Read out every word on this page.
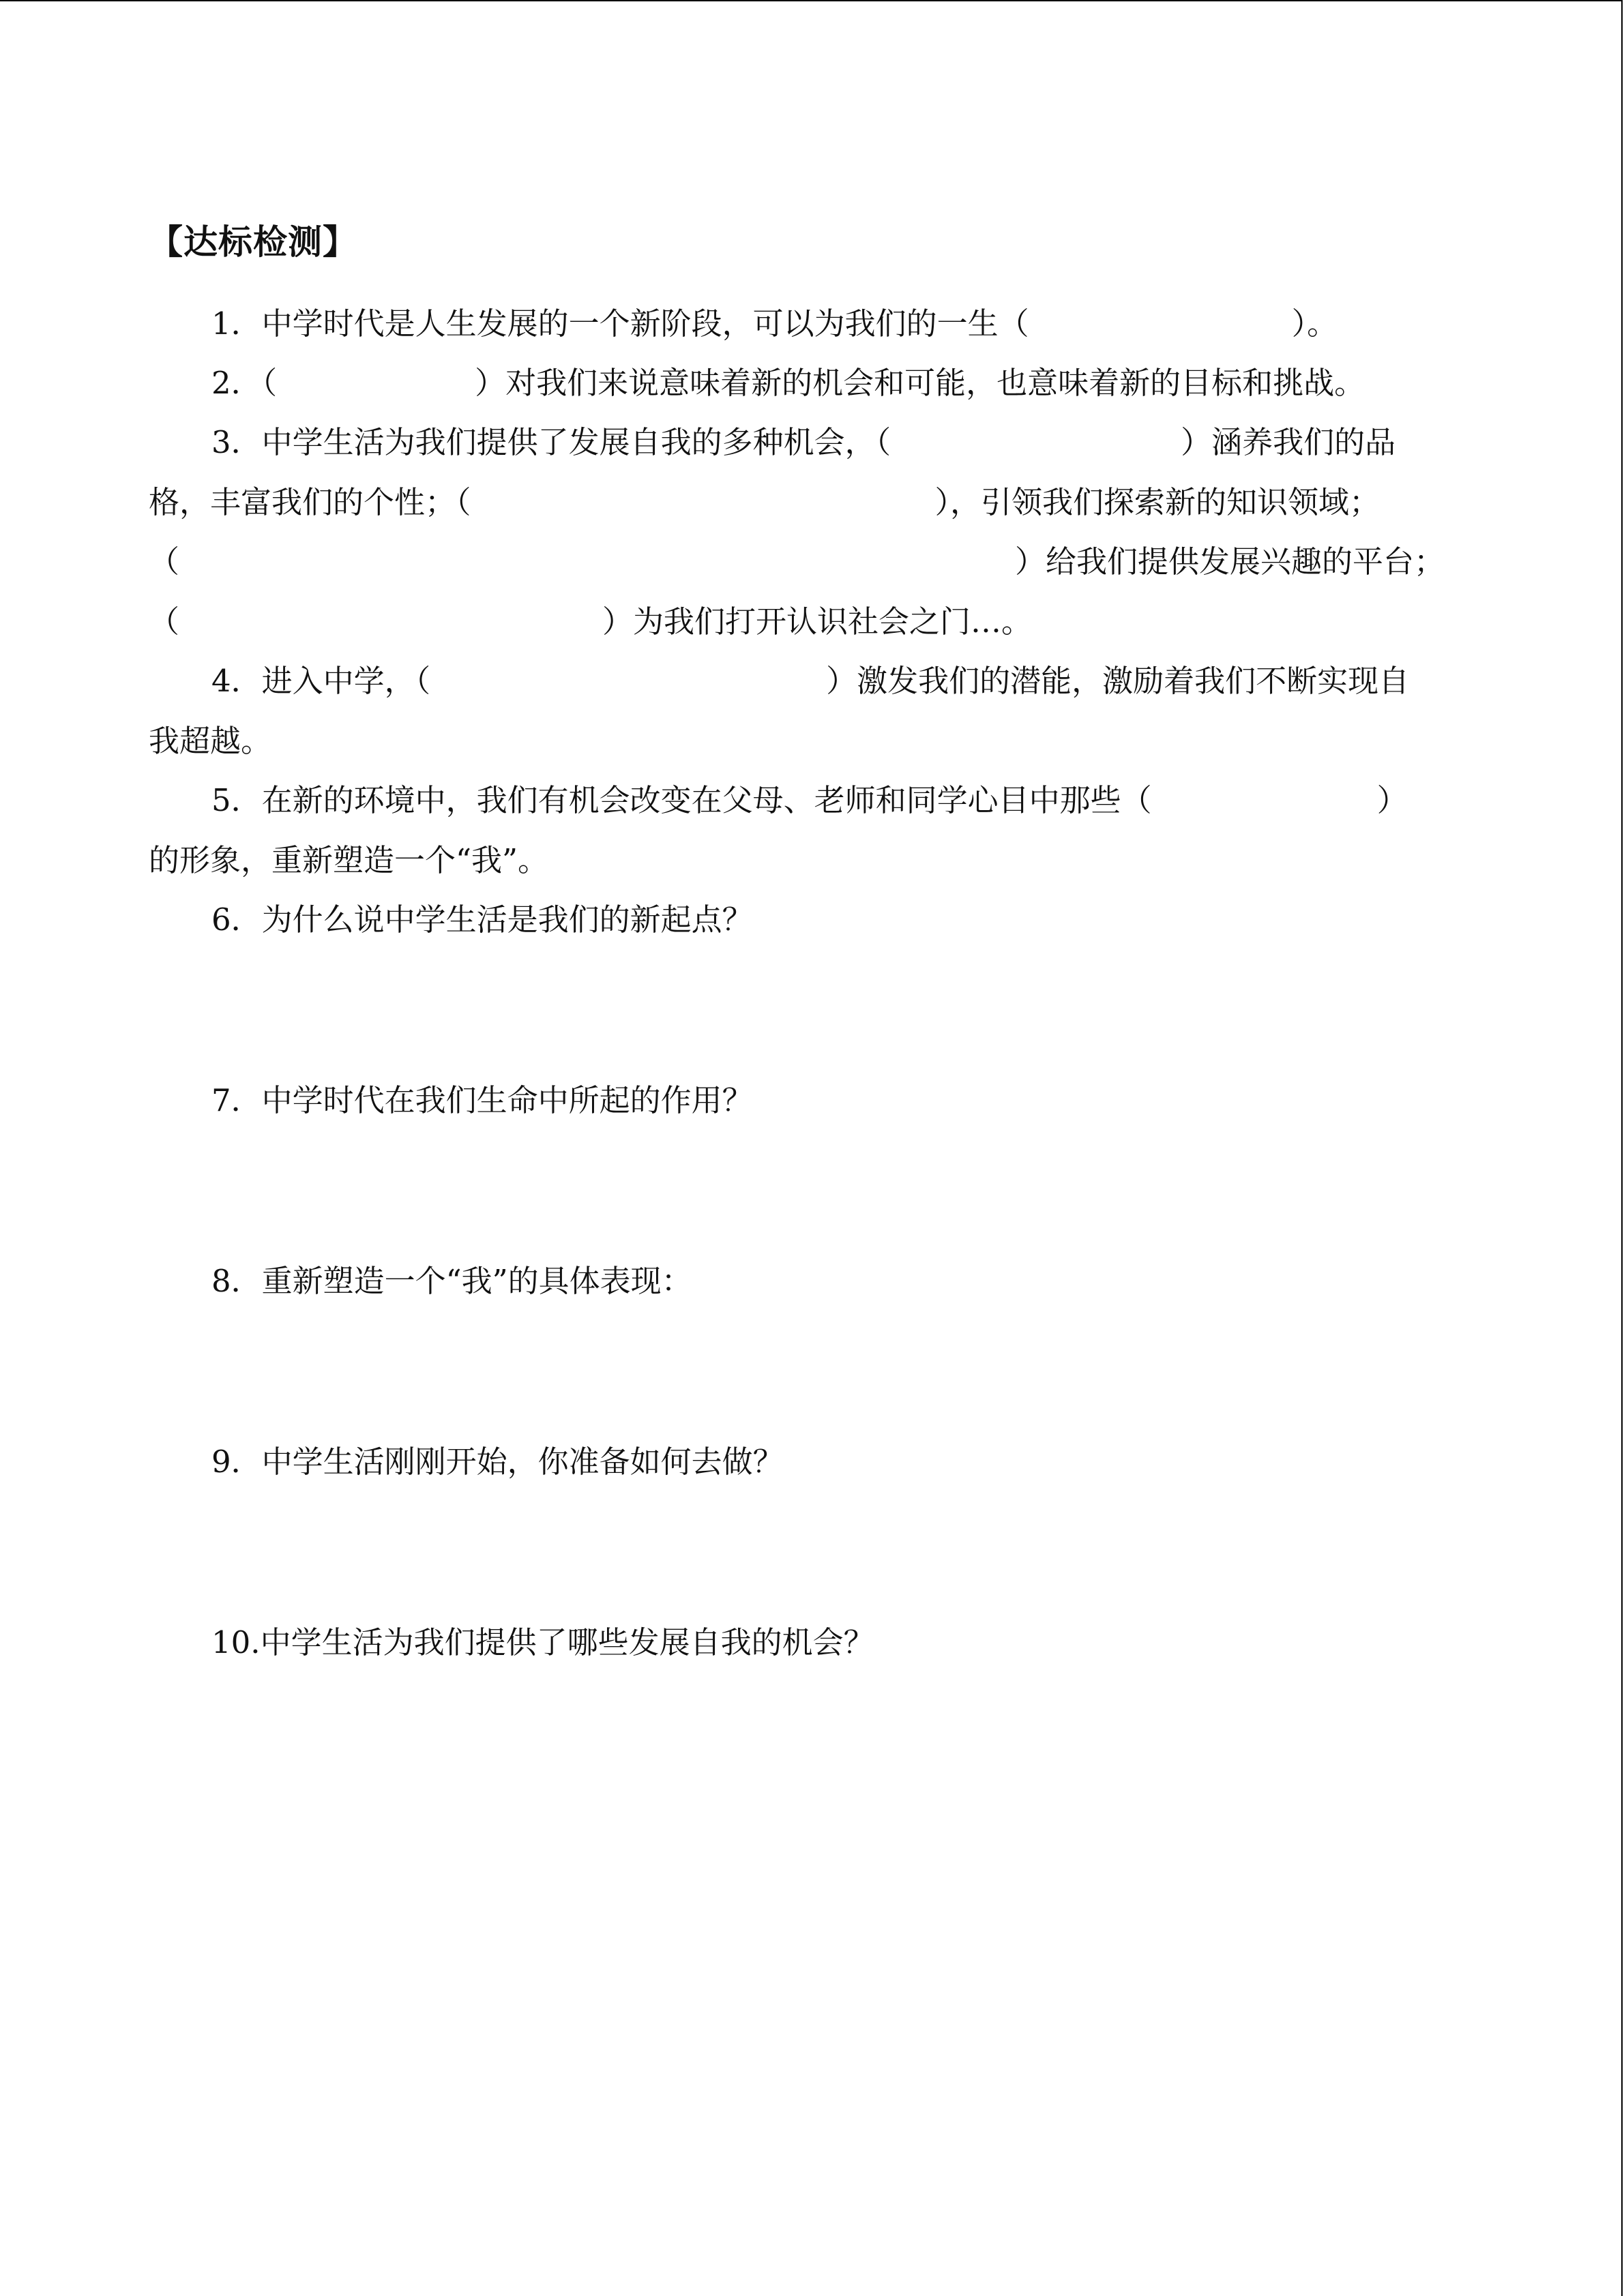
【达标检测】
1．中学时代是人生发展的一个新阶段，可以为我们的一生（	）。
2．（	）对我们来说意味着新的机会和可能，也意味着新的目标和挑战。
3．中学生活为我们提供了发展自我的多种机会，（	）涵养我们的品
格，丰富我们的个性；（	），引领我们探索新的知识领域；
（	）给我们提供发展兴趣的平台；
（	）为我们打开认识社会之门…。
4．进入中学，（	）激发我们的潜能，激励着我们不断实现自
我超越。
5．在新的环境中，我们有机会改变在父母、老师和同学心目中那些（	）
的形象，重新塑造一个“我”。
6．为什么说中学生活是我们的新起点？
7．中学时代在我们生命中所起的作用？
8．重新塑造一个“我”的具体表现：
9．中学生活刚刚开始，你准备如何去做？
10.中学生活为我们提供了哪些发展自我的机会？
